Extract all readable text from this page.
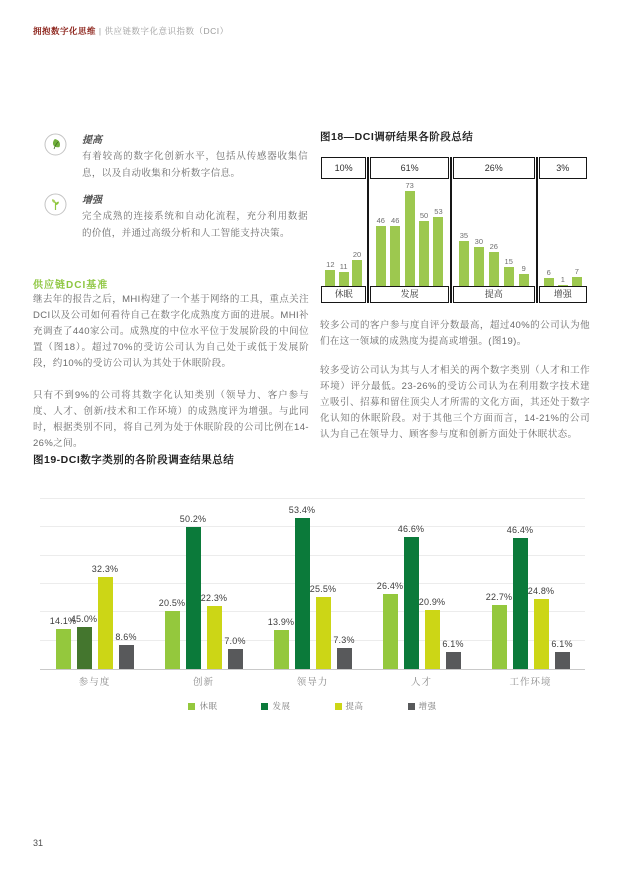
拥抱数字化思维 | 供应链数字化意识指数（DCI）
提高
有着较高的数字化创新水平，包括从传感器收集信息，以及自动收集和分析数字信息。
增强
完全成熟的连接系统和自动化流程，充分利用数据的价值，并通过高级分析和人工智能支持决策。
供应链DCI基准
继去年的报告之后，MHI构建了一个基于网络的工具，重点关注DCI以及公司如何看待自己在数字化成熟度方面的进展。MHI补充调查了440家公司。成熟度的中位水平位于发展阶段的中间位置（图18）。超过70%的受访公司认为自己处于或低于发展阶段，约10%的受访公司认为其处于休眠阶段。
只有不到9%的公司将其数字化认知类别（领导力、客户参与度、人才、创新/技术和工作环境）的成熟度评为增强。与此同时，根据类别不同，将自己列为处于休眠阶段的公司比例在14-26%之间。
图18—DCI调研结果各阶段总结
10%
12 11
20
休眠
61%
46 46
73
50 53
发展
26%
35
30
26
15
9
提高
3%
6
1
7
增强
较多公司的客户参与度自评分数最高，超过40%的公司认为他们在这一领域的成熟度为提高或增强。(图19)。
较多受访公司认为其与人才相关的两个数字类别（人才和工作环境）评分最低。23-26%的受访公司认为在利用数字技术建立吸引、招募和留住顶尖人才所需的文化方面，其还处于数字化认知的休眠阶段。对于其他三个方面而言，14-21%的公司认为自己在领导力、顾客参与度和创新方面处于休眠状态。
图19-DCI数字类别的各阶段调查结果总结
14.1%
45.0%
32.3%
8.6%
20.5%
50.2%
22.3%
7.0%
13.9%
53.4%
25.5%
7.3%
26.4%
46.6%
20.9%
6.1%
22.7%
46.4%
24.8%
6.1%
参与度	创新	领导力	人才	工作环境
休眠	发展	提高	增强
31
